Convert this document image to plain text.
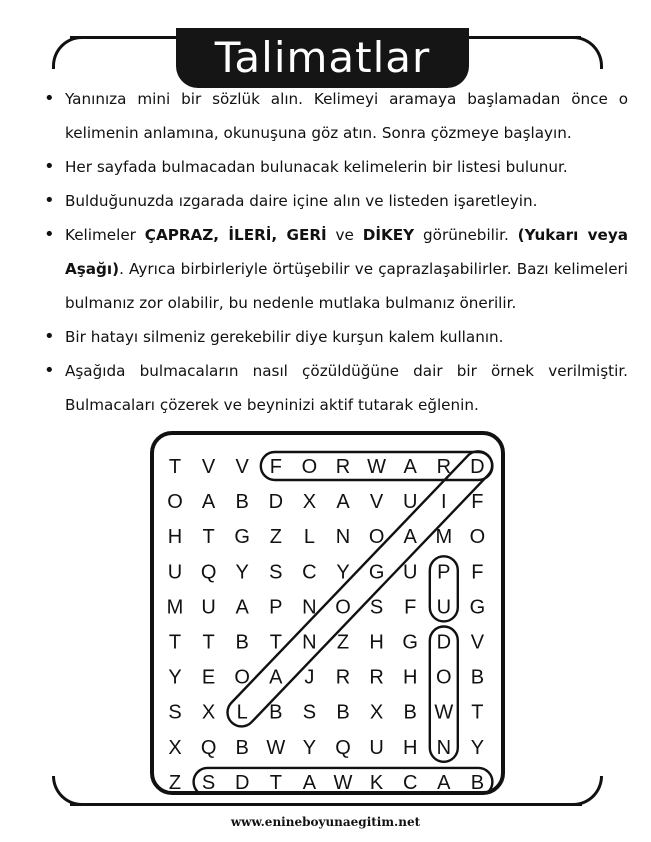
Talimatlar
• Yanınıza mini bir sözlük alın. Kelimeyi aramaya başlamadan önce o kelimenin anlamına, okunuşuna göz atın. Sonra çözmeye başlayın.
• Her sayfada bulmacadan bulunacak kelimelerin bir listesi bulunur.
• Bulduğunuzda ızgarada daire içine alın ve listeden işaretleyin.
• Kelimeler ÇAPRAZ, İLERİ, GERİ ve DİKEY görünebilir. (Yukarı veya Aşağı). Ayrıca birbirleriyle örtüşebilir ve çaprazlaşabilirler. Bazı kelimeleri bulmanız zor olabilir, bu nedenle mutlaka bulmanız önerilir.
• Bir hatayı silmeniz gerekebilir diye kurşun kalem kullanın.
• Aşağıda bulmacaların nasıl çözüldüğüne dair bir örnek verilmiştir. Bulmacaları çözerek ve beyninizi aktif tutarak eğlenin.
T V V F O R W A R D
O A B D X A V U I F
H T G Z L N O A M O
U Q Y S C Y G U P F
M U A P N O S F U G
T T B T N Z H G D V
Y E O A J R R H O B
S X L B S B X B W T
X Q B W Y Q U H N Y
Z S D T A W K C A B
www.enineboyunaegitim.net
